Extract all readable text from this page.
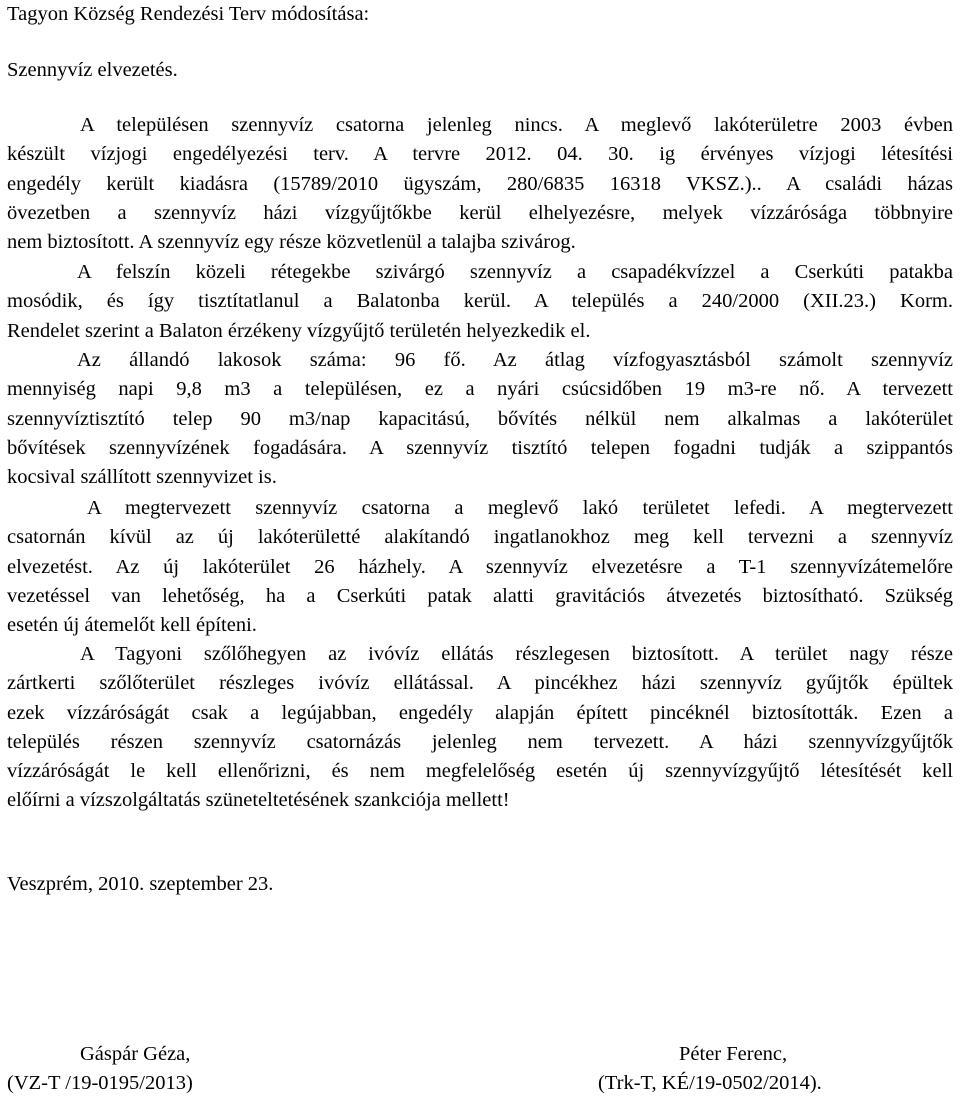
Tagyon Község Rendezési Terv módosítása:
Szennyvíz elvezetés.
A településen szennyvíz csatorna jelenleg nincs. A meglevő lakóterületre 2003 évben
készült vízjogi engedélyezési terv. A tervre 2012. 04. 30. ig érvényes vízjogi létesítési
engedély került kiadásra (15789/2010 ügyszám, 280/6835 16318 VKSZ.).. A családi házas
övezetben a szennyvíz házi vízgyűjtőkbe kerül elhelyezésre, melyek vízzárósága többnyire
nem biztosított. A szennyvíz egy része közvetlenül a talajba szivárog.
A felszín közeli rétegekbe szivárgó szennyvíz a csapadékvízzel a Cserkúti patakba
mosódik, és így tisztítatlanul a Balatonba kerül. A település a 240/2000 (XII.23.) Korm.
Rendelet szerint a Balaton érzékeny vízgyűjtő területén helyezkedik el.
Az állandó lakosok száma: 96 fő. Az átlag vízfogyasztásból számolt szennyvíz
mennyiség napi 9,8 m3 a településen, ez a nyári csúcsidőben 19 m3-re nő. A tervezett
szennyvíztisztító telep 90 m3/nap kapacitású, bővítés nélkül nem alkalmas a lakóterület
bővítések szennyvízének fogadására. A szennyvíz tisztító telepen fogadni tudják a szippantós
kocsival szállított szennyvizet is.
A megtervezett szennyvíz csatorna a meglevő lakó területet lefedi. A megtervezett
csatornán kívül az új lakóterületté alakítandó ingatlanokhoz meg kell tervezni a szennyvíz
elvezetést. Az új lakóterület 26 házhely. A szennyvíz elvezetésre a T-1 szennyvízátemelőre
vezetéssel van lehetőség, ha a Cserkúti patak alatti gravitációs átvezetés biztosítható. Szükség
esetén új átemelőt kell építeni.
A Tagyoni szőlőhegyen az ivóvíz ellátás részlegesen biztosított. A terület nagy része
zártkerti szőlőterület részleges ivóvíz ellátással. A pincékhez házi szennyvíz gyűjtők épültek
ezek vízzáróságát csak a legújabban, engedély alapján épített pincéknél biztosították. Ezen a
település részen szennyvíz csatornázás jelenleg nem tervezett. A házi szennyvízgyűjtők
vízzáróságát le kell ellenőrizni, és nem megfelelőség esetén új szennyvízgyűjtő létesítését kell
előírni a vízszolgáltatás szüneteltetésének szankciója mellett!
Veszprém, 2010. szeptember 23.
Gáspár Géza,
(VZ-T /19-0195/2013)
Péter Ferenc,
(Trk-T, KÉ/19-0502/2014).
